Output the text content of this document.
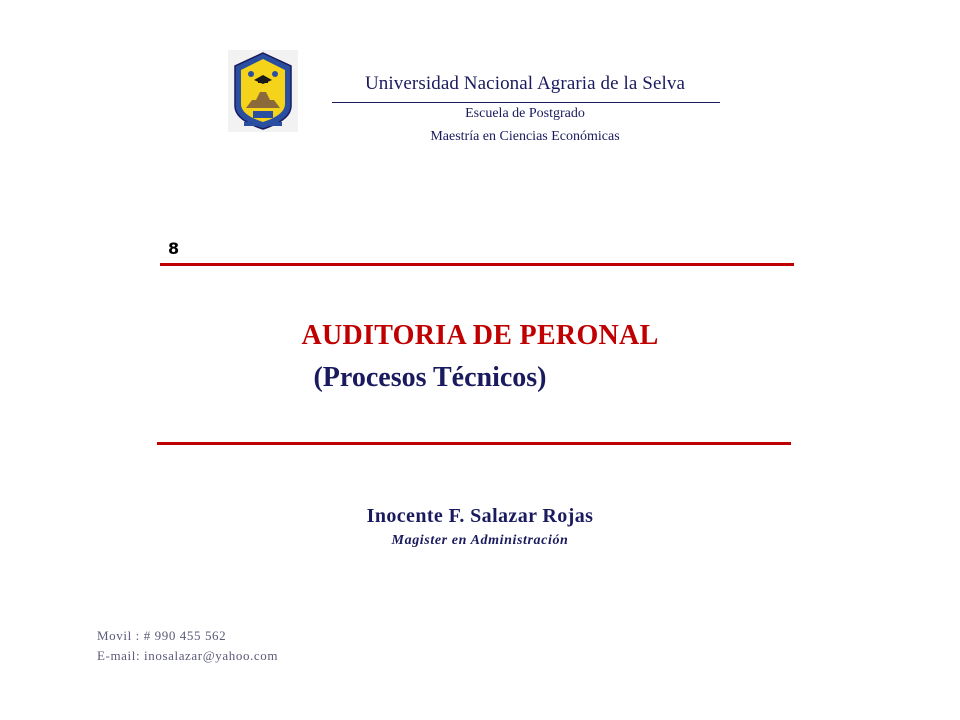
Universidad Nacional Agraria de la Selva
Escuela de Postgrado
Maestría en Ciencias Económicas
8
AUDITORIA DE PERONAL
(Procesos Técnicos)
Inocente F. Salazar Rojas
Magister en Administración
Movil : # 990 455 562
E-mail: inosalazar@yahoo.com
